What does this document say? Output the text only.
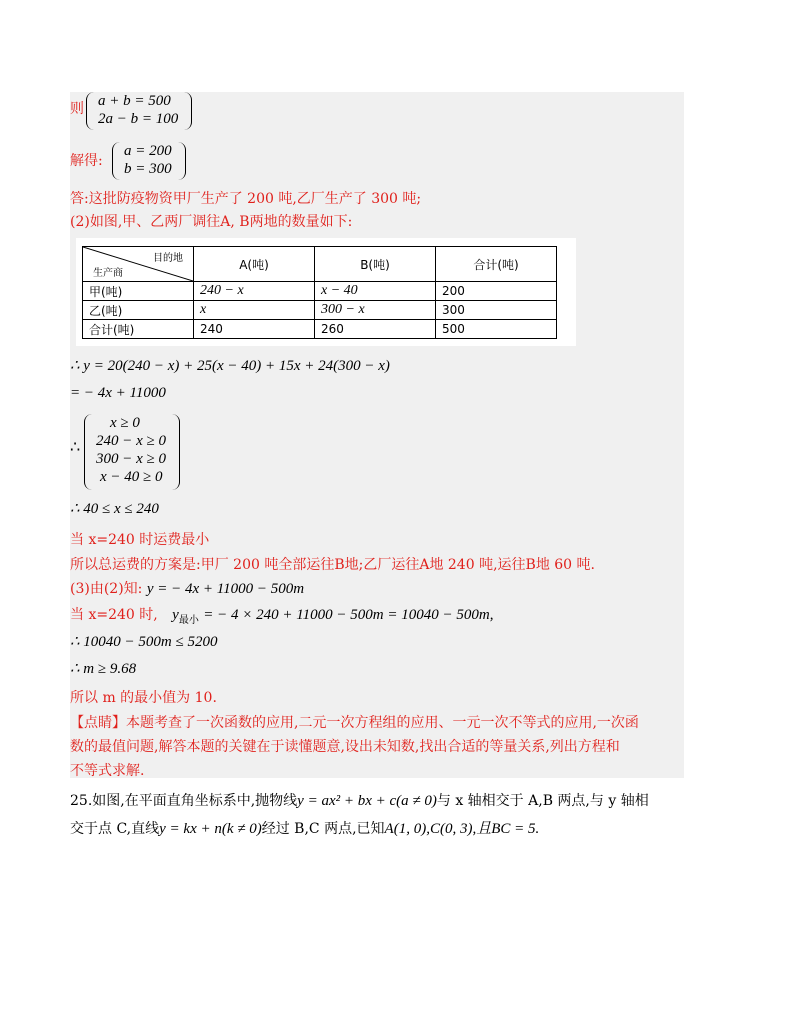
则 a + b = 500
2a − b = 100
解得:
a = 200
b = 300
答:这批防疫物资甲厂生产了 200 吨,乙厂生产了 300 吨;
(2)如图,甲、乙两厂调往A, B两地的数量如下:
目的地
生产商	A(吨)	B(吨)	合计(吨)
甲(吨)	240 − x	x − 40	200
乙(吨)	x	300 − x	300
合计(吨)	240	260	500
∴ y = 20(240 − x) + 25(x − 40) + 15x + 24(300 − x)
= − 4x + 11000
∴
x ≥ 0
240 − x ≥ 0
300 − x ≥ 0
x − 40 ≥ 0
∴ 40 ≤ x ≤ 240
当 x=240 时运费最小
所以总运费的方案是:甲厂 200 吨全部运往B地;乙厂运往A地 240 吨,运往B地 60 吨.
(3)由(2)知: y = − 4x + 11000 − 500m
当 x=240 时, $y_{最小}$ = − 4 × 240 + 11000 − 500m = 10040 − 500m,
∴ 10040 − 500m ≤ 5200
∴ m ≥ 9.68
所以 m 的最小值为 10.
【点睛】本题考查了一次函数的应用,二元一次方程组的应用、一元一次不等式的应用,一次函
数的最值问题,解答本题的关键在于读懂题意,设出未知数,找出合适的等量关系,列出方程和
不等式求解.
25.如图,在平面直角坐标系中,抛物线y = ax² + bx + c(a ≠ 0)与 x 轴相交于 A,B 两点,与 y 轴相
交于点 C,直线y = kx + n(k ≠ 0)经过 B,C 两点,已知A(1, 0),C(0, 3),且BC = 5.
